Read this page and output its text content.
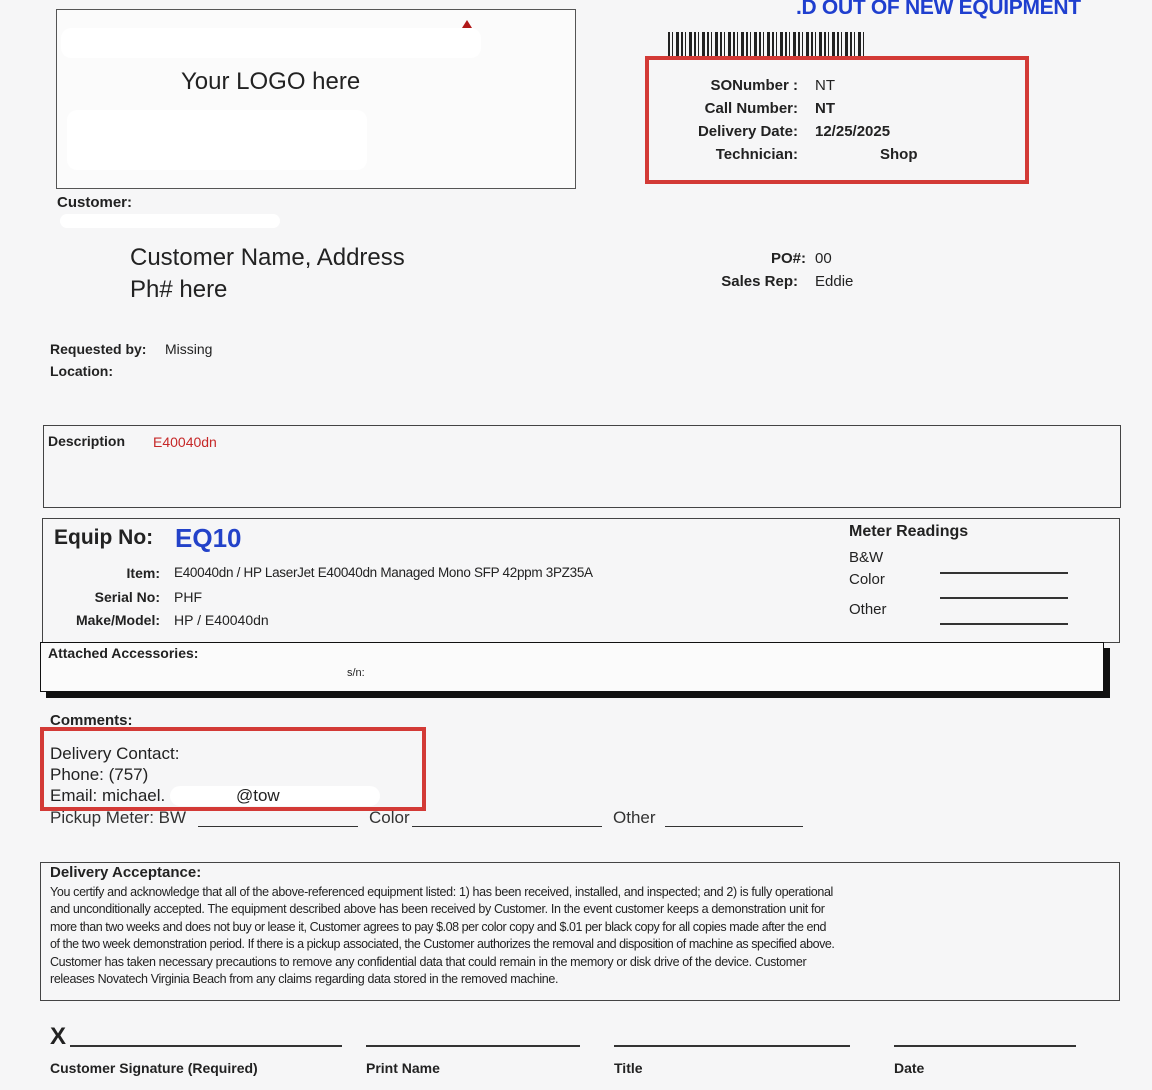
.D OUT OF NEW EQUIPMENT
Your LOGO here	SONumber : NT
Call Number: NT
Delivery Date: 12/25/2025
Technician:	Shop
Customer:
Customer Name, Address
Ph# here
PO#: 00
Sales Rep: Eddie
Requested by: Missing
Location:
Description E40040dn
Equip No: EQ10
Item: E40040dn / HP LaserJet E40040dn Managed Mono SFP 42ppm 3PZ35A
Serial No: PHF
Make/Model: HP / E40040dn
Meter Readings
B&W
Color
Other
Attached Accessories:
s/n:
Comments:
Delivery Contact:
Phone: (757)
Email: michael.	@tow
Pickup Meter: BW	Color	Other
Delivery Acceptance:
You certify and acknowledge that all of the above-referenced equipment listed: 1) has been received, installed, and inspected; and 2) is fully operational
and unconditionally accepted. The equipment described above has been received by Customer. In the event customer keeps a demonstration unit for
more than two weeks and does not buy or lease it, Customer agrees to pay $.08 per color copy and $.01 per black copy for all copies made after the end
of the two week demonstration period. If there is a pickup associated, the Customer authorizes the removal and disposition of machine as specified above.
Customer has taken necessary precautions to remove any confidential data that could remain in the memory or disk drive of the device. Customer
releases Novatech Virginia Beach from any claims regarding data stored in the removed machine.
X
Customer Signature (Required)	Print Name	Title	Date
